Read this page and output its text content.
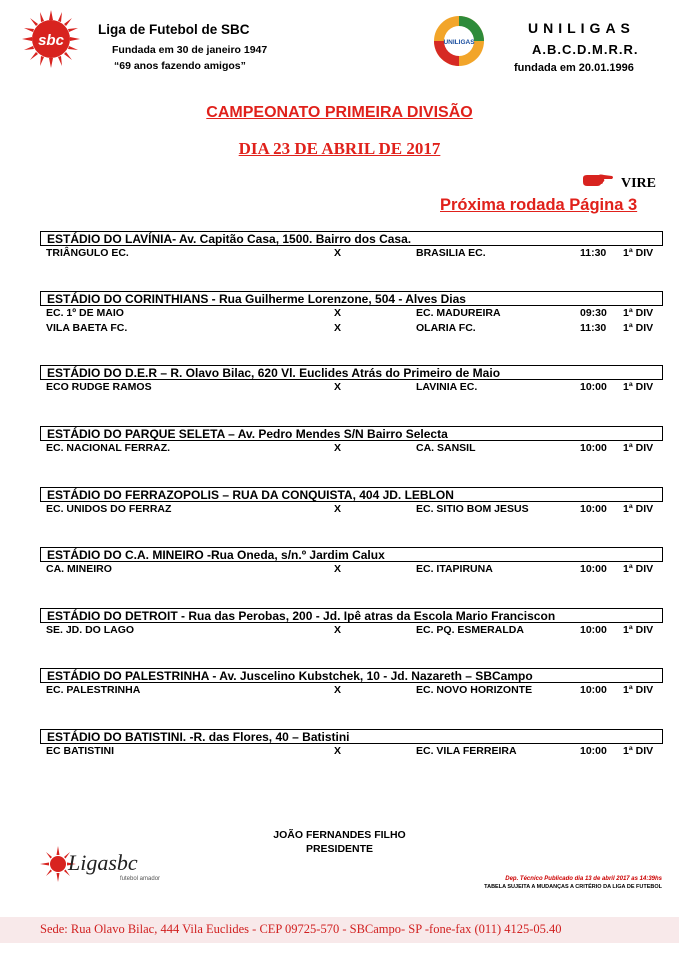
sbc
Liga de Futebol de SBC
Fundada em 30 de janeiro 1947
“69 anos fazendo amigos”
UNILIGAS
UNILIGAS
A.B.C.D.M.R.R.
fundada em 20.01.1996
CAMPEONATO PRIMEIRA DIVISÃO
DIA 23 DE ABRIL DE 2017
VIRE
Próxima rodada Página 3
ESTÁDIO DO LAVÍNIA- Av. Capitão Casa, 1500. Bairro dos Casa.
TRIÂNGULO EC.	X	BRASILIA EC.	11:30 1ª DIV
ESTÁDIO DO CORINTHIANS - Rua Guilherme Lorenzone, 504 - Alves Dias
EC. 1º DE MAIO	X	EC. MADUREIRA	09:30 1ª DIV
VILA BAETA FC.	X	OLARIA FC.	11:30 1ª DIV
ESTÁDIO DO D.E.R – R. Olavo Bilac, 620 Vl. Euclides Atrás do Primeiro de Maio
ECO RUDGE RAMOS	X	LAVINIA EC.	10:00 1ª DIV
ESTÁDIO DO PARQUE SELETA – Av. Pedro Mendes S/N Bairro Selecta
EC. NACIONAL FERRAZ.	X	CA. SANSIL	10:00 1ª DIV
ESTÁDIO DO FERRAZOPOLIS – RUA DA CONQUISTA, 404 JD. LEBLON
EC. UNIDOS DO FERRAZ	X	EC. SITIO BOM JESUS	10:00 1ª DIV
ESTÁDIO DO C.A. MINEIRO -Rua Oneda, s/n.º Jardim Calux
CA. MINEIRO	X	EC. ITAPIRUNA	10:00 1ª DIV
ESTÁDIO DO DETROIT - Rua das Perobas, 200 - Jd. Ipê atras da Escola Mario Franciscon
SE. JD. DO LAGO	X	EC. PQ. ESMERALDA	10:00 1ª DIV
ESTÁDIO DO PALESTRINHA - Av. Juscelino Kubstchek, 10 - Jd. Nazareth – SBCampo
EC. PALESTRINHA	X	EC. NOVO HORIZONTE	10:00 1ª DIV
ESTÁDIO DO BATISTINI. -R. das Flores, 40 – Batistini
EC BATISTINI	X	EC. VILA FERREIRA	10:00 1ª DIV
JOÃO FERNANDES FILHO
PRESIDENTE
Ligasbc
futebol amador	Dep. Técnico Publicado dia 13 de abril 2017 as 14:39hs
TABELA SUJEITA A MUDANÇAS A CRITÉRIO DA LIGA DE FUTEBOL
Sede: Rua Olavo Bilac, 444 Vila Euclides - CEP 09725-570 - SBCampo- SP -fone-fax (011) 4125-05.40
